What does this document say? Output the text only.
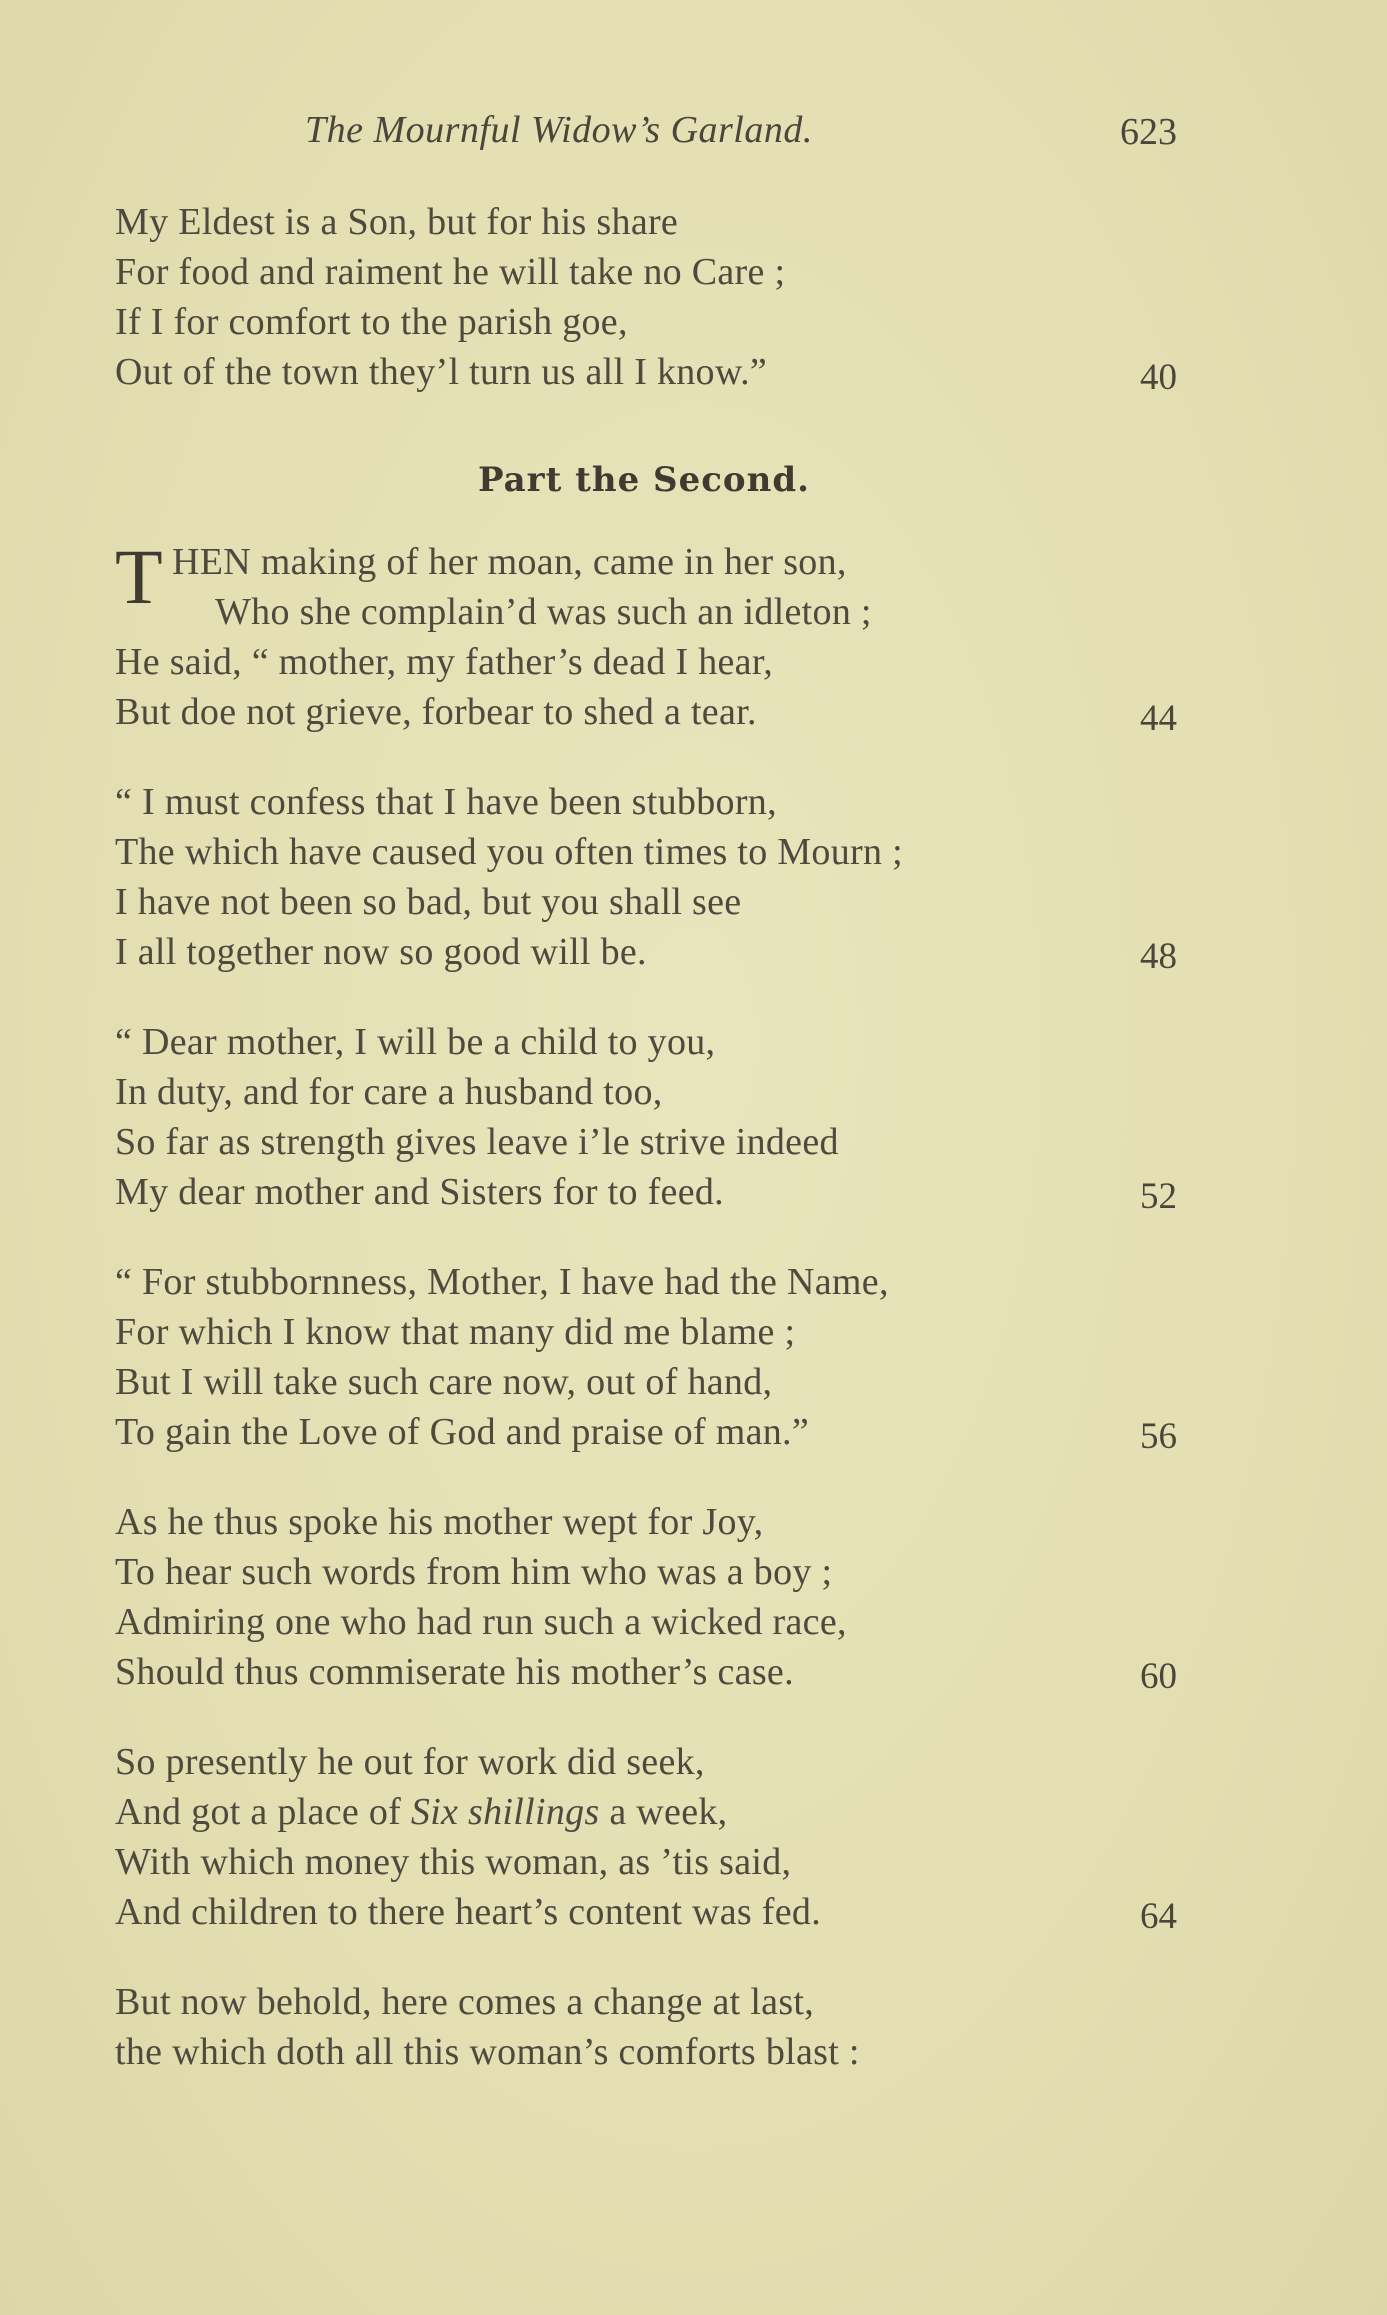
The Mournful Widow’s Garland.	623
My Eldest is a Son, but for his share
For food and raiment he will take no Care ;
If I for comfort to the parish goe,
Out of the town they’l turn us all I know.”	40
Part the Second.
T HEN making of her moan, came in her son,
Who she complain’d was such an idleton ;
He said, “ mother, my father’s dead I hear,
But doe not grieve, forbear to shed a tear.	44
“ I must confess that I have been stubborn,
The which have caused you often times to Mourn ;
I have not been so bad, but you shall see
I all together now so good will be.	48
“ Dear mother, I will be a child to you,
In duty, and for care a husband too,
So far as strength gives leave i’le strive indeed
My dear mother and Sisters for to feed.	52
“ For stubbornness, Mother, I have had the Name,
For which I know that many did me blame ;
But I will take such care now, out of hand,
To gain the Love of God and praise of man.”	56
As he thus spoke his mother wept for Joy,
To hear such words from him who was a boy ;
Admiring one who had run such a wicked race,
Should thus commiserate his mother’s case.	60
So presently he out for work did seek,
And got a place of Six shillings a week,
With which money this woman, as ’tis said,
And children to there heart’s content was fed.	64
But now behold, here comes a change at last,
the which doth all this woman’s comforts blast :
